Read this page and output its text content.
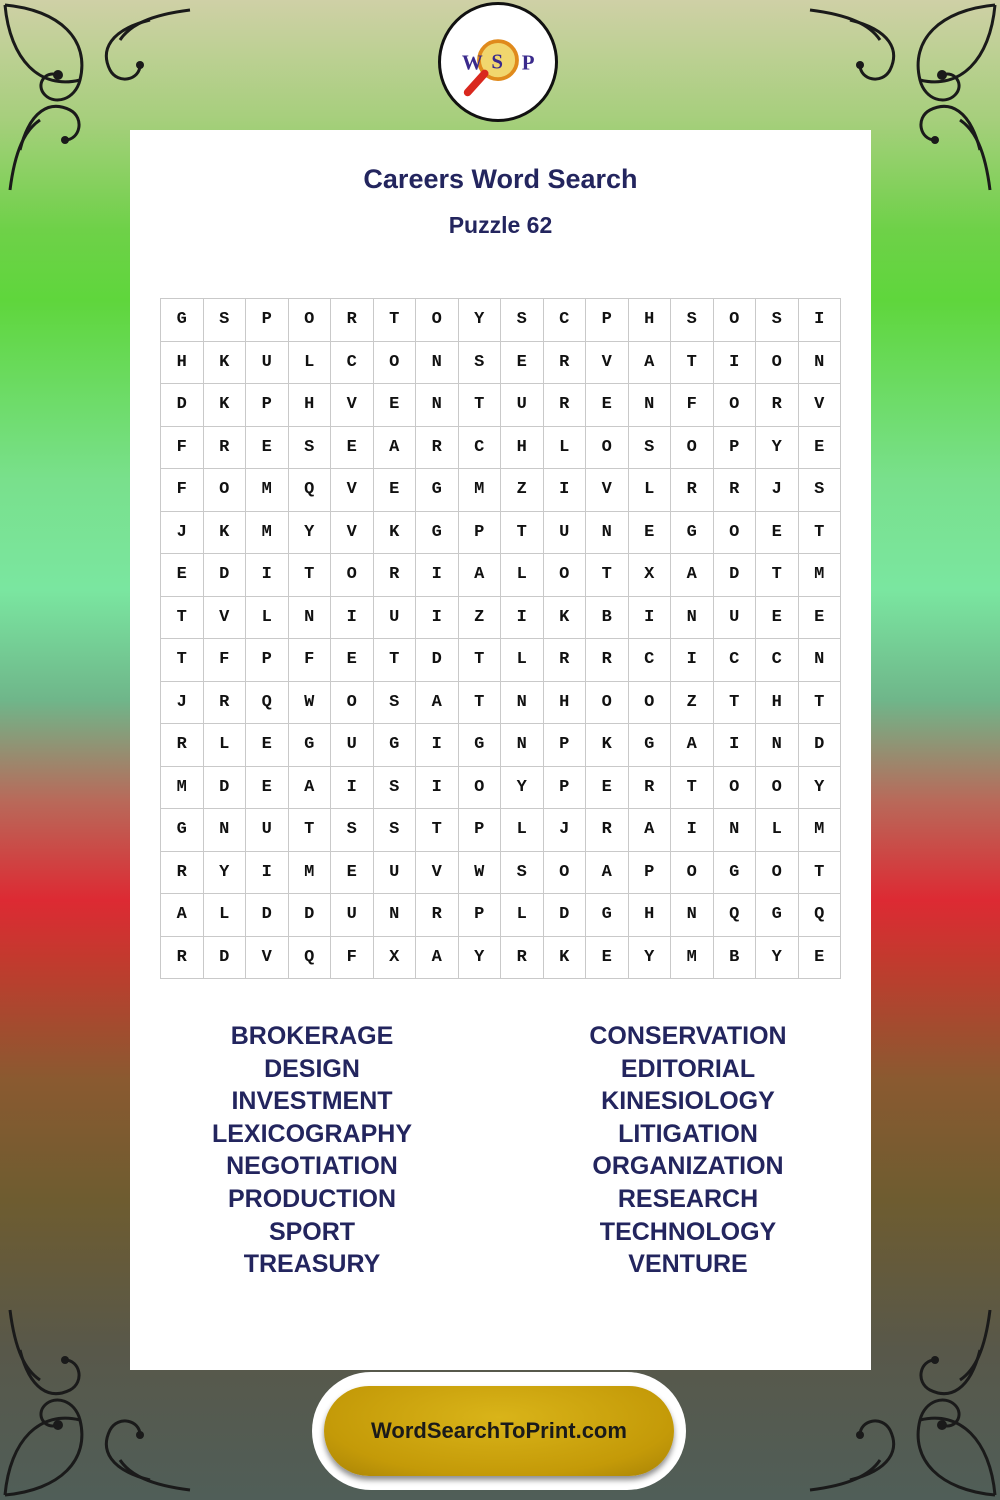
W S P
Careers Word Search
Puzzle 62
G	S	P	O	R	T	O	Y	S	C	P	H	S	O	S	I
H	K	U	L	C	O	N	S	E	R	V	A	T	I	O	N
D	K	P	H	V	E	N	T	U	R	E	N	F	O	R	V
F	R	E	S	E	A	R	C	H	L	O	S	O	P	Y	E
F	O	M	Q	V	E	G	M	Z	I	V	L	R	R	J	S
J	K	M	Y	V	K	G	P	T	U	N	E	G	O	E	T
E	D	I	T	O	R	I	A	L	O	T	X	A	D	T	M
T	V	L	N	I	U	I	Z	I	K	B	I	N	U	E	E
T	F	P	F	E	T	D	T	L	R	R	C	I	C	C	N
J	R	Q	W	O	S	A	T	N	H	O	O	Z	T	H	T
R	L	E	G	U	G	I	G	N	P	K	G	A	I	N	D
M	D	E	A	I	S	I	O	Y	P	E	R	T	O	O	Y
G	N	U	T	S	S	T	P	L	J	R	A	I	N	L	M
R	Y	I	M	E	U	V	W	S	O	A	P	O	G	O	T
A	L	D	D	U	N	R	P	L	D	G	H	N	Q	G	Q
R	D	V	Q	F	X	A	Y	R	K	E	Y	M	B	Y	E
BROKERAGE
DESIGN
INVESTMENT
LEXICOGRAPHY
NEGOTIATION
PRODUCTION
SPORT
TREASURY
CONSERVATION
EDITORIAL
KINESIOLOGY
LITIGATION
ORGANIZATION
RESEARCH
TECHNOLOGY
VENTURE
WordSearchToPrint.com
